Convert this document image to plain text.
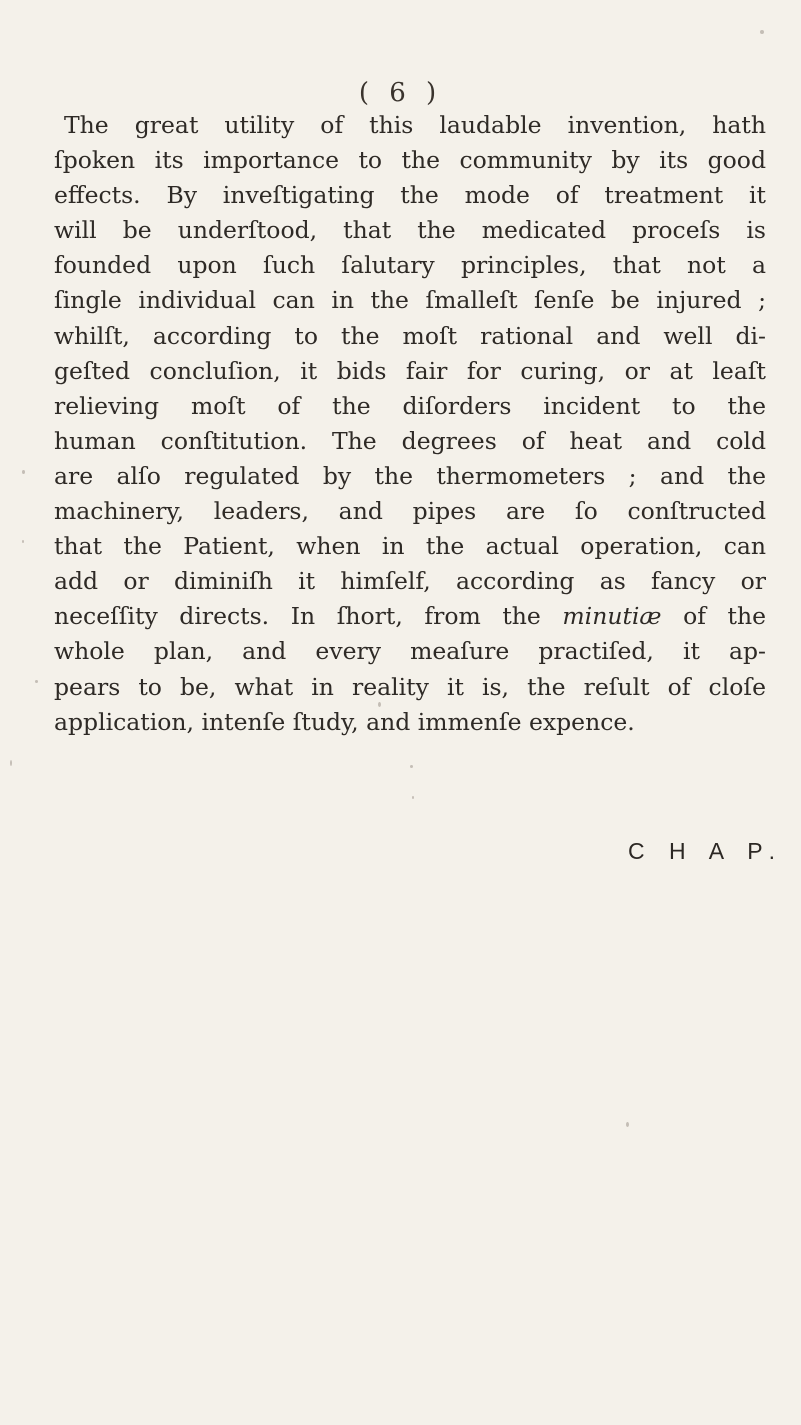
( 6 )
The great utility of this laudable invention, hath
ſpoken its importance to the community by its good
effects. By inveſtigating the mode of treatment it
will be underſtood, that the medicated proceſs is
founded upon ſuch ſalutary principles, that not a
ſingle individual can in the ſmalleſt ſenſe be injured ;
whilſt, according to the moſt rational and well di-
geſted concluſion, it bids fair for curing, or at leaſt
relieving moſt of the diſorders incident to the
human conſtitution. The degrees of heat and cold
are alſo regulated by the thermometers ; and the
machinery, leaders, and pipes are ſo conſtructed
that the Patient, when in the actual operation, can
add or diminiſh it himſelf, according as fancy or
neceſſity directs. In ſhort, from the minutiæ of the
whole plan, and every meaſure practiſed, it ap-
pears to be, what in reality it is, the reſult of cloſe
application, intenſe ſtudy, and immenſe expence.
C H A P.
